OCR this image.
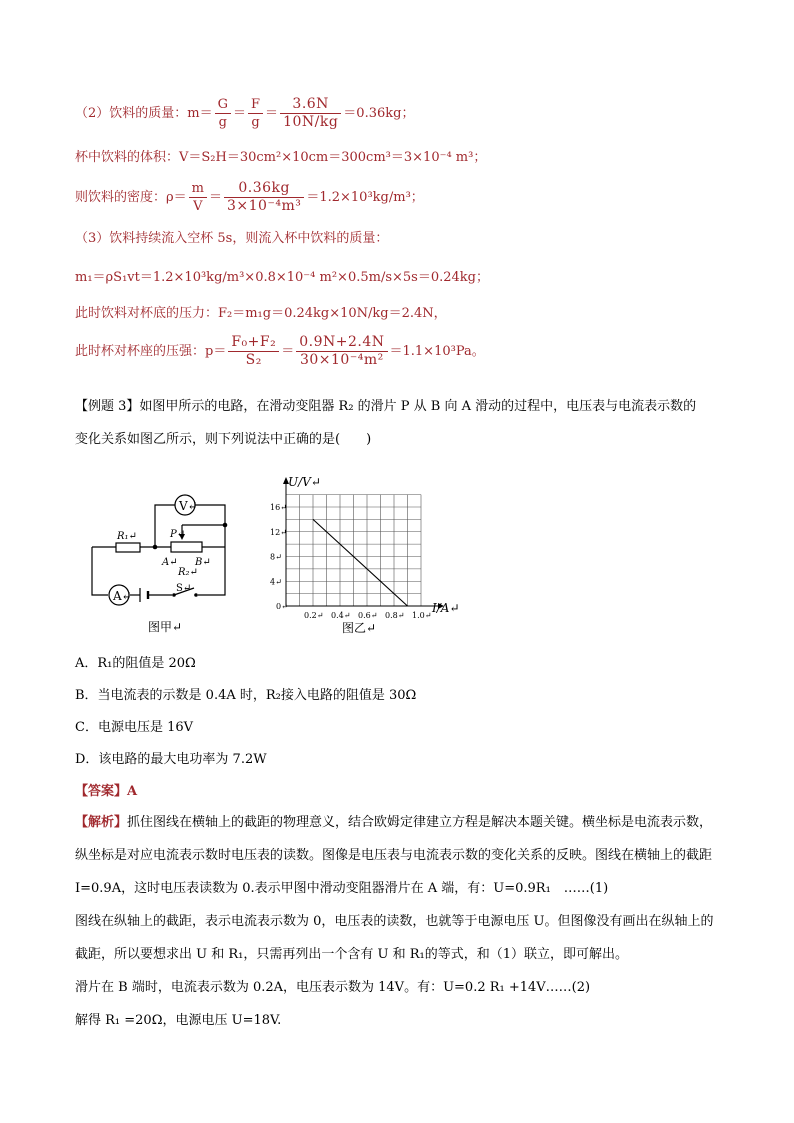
（2）饮料的质量：$m= \frac{G}{g} = \frac{F}{g} = \frac{3.6N}{10N/kg} =0.36kg$；
杯中饮料的体积：V＝S₂H＝30cm²×10cm＝300cm³＝3×10⁻⁴ m³；
则饮料的密度：$\rho= \frac{m}{V} = \frac{0.36kg}{\text{3×10⁻⁴m³}} =1.2\times 10^3kg/m^3$；
（3）饮料持续流入空杯 5s，则流入杯中饮料的质量：
m₁＝ρS₁vt＝1.2×10³kg/m³×0.8×10⁻⁴ m²×0.5m/s×5s＝0.24kg；
此时饮料对杯底的压力：F₂＝m₁g＝0.24kg×10N/kg＝2.4N，
此时杯对杯座的压强：$p= \frac{\text{F₀+F₂}}{\text{S₂}} = \frac{0.9N+2.4N}{\text{30×10⁻⁴m²}} =1.1\times 10^3Pa$。
【例题 3】如图甲所示的电路，在滑动变阻器 R₂ 的滑片 P 从 B 向 A 滑动的过程中，电压表与电流表示数的
变化关系如图乙所示，则下列说法中正确的是(　　)
V↵
A↵
R₁↵	P↵
A↵ B↵
R₂↵
S↵
图甲↵
0.2↵ 0.4↵ 0.6↵ 0.8↵ 1.0↵
4↵
8↵
12↵
16↵
U/V↵
I/A↵
0↵
图乙↵
A．R₁的阻值是 20Ω
B．当电流表的示数是 0.4A 时，R₂接入电路的阻值是 30Ω
C．电源电压是 16V
D．该电路的最大电功率为 7.2W
【答案】A
【解析】抓住图线在横轴上的截距的物理意义，结合欧姆定律建立方程是解决本题关键。横坐标是电流表示数，纵坐标是对应电流表示数时电压表的读数。图像是电压表与电流表示数的变化关系的反映。图线在横轴上的截距 I=0.9A，这时电压表读数为 0.表示甲图中滑动变阻器滑片在 A 端，有：U=0.9R₁　……(1)
图线在纵轴上的截距，表示电流表示数为 0，电压表的读数，也就等于电源电压 U。但图像没有画出在纵轴上的截距，所以要想求出 U 和 R₁，只需再列出一个含有 U 和 R₁的等式，和（1）联立，即可解出。
滑片在 B 端时，电流表示数为 0.2A，电压表示数为 14V。有：U=0.2 R₁ +14V……(2)
解得 R₁ =20Ω，电源电压 U=18V.
